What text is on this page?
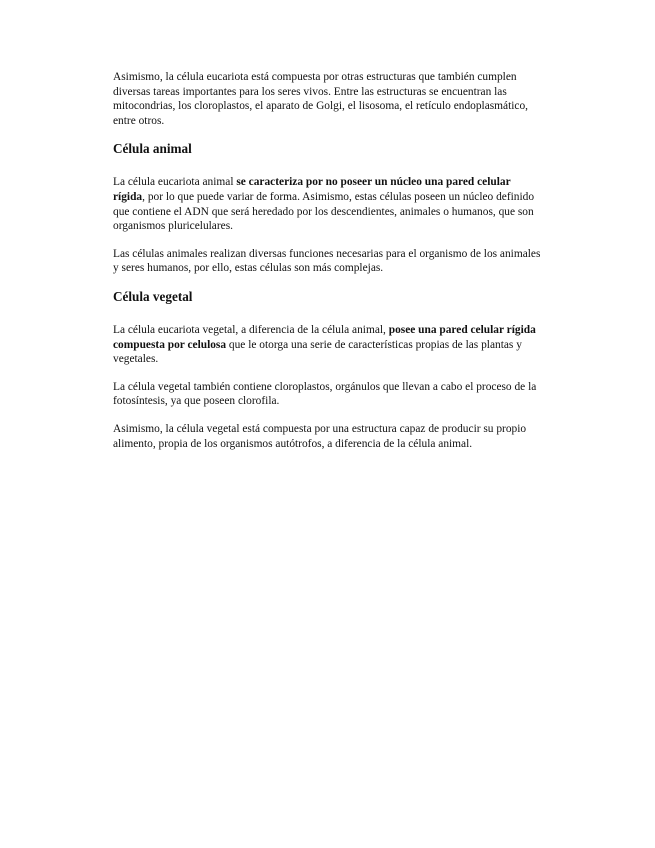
Asimismo, la célula eucariota está compuesta por otras estructuras que también cumplen diversas tareas importantes para los seres vivos. Entre las estructuras se encuentran las mitocondrias, los cloroplastos, el aparato de Golgi, el lisosoma, el retículo endoplasmático, entre otros.

Célula animal

La célula eucariota animal se caracteriza por no poseer un núcleo una pared celular rígida, por lo que puede variar de forma. Asimismo, estas células poseen un núcleo definido que contiene el ADN que será heredado por los descendientes, animales o humanos, que son organismos pluricelulares.

Las células animales realizan diversas funciones necesarias para el organismo de los animales y seres humanos, por ello, estas células son más complejas.

Célula vegetal

La célula eucariota vegetal, a diferencia de la célula animal, posee una pared celular rígida compuesta por celulosa que le otorga una serie de características propias de las plantas y vegetales.

La célula vegetal también contiene cloroplastos, orgánulos que llevan a cabo el proceso de la fotosíntesis, ya que poseen clorofila.

Asimismo, la célula vegetal está compuesta por una estructura capaz de producir su propio alimento, propia de los organismos autótrofos, a diferencia de la célula animal.
